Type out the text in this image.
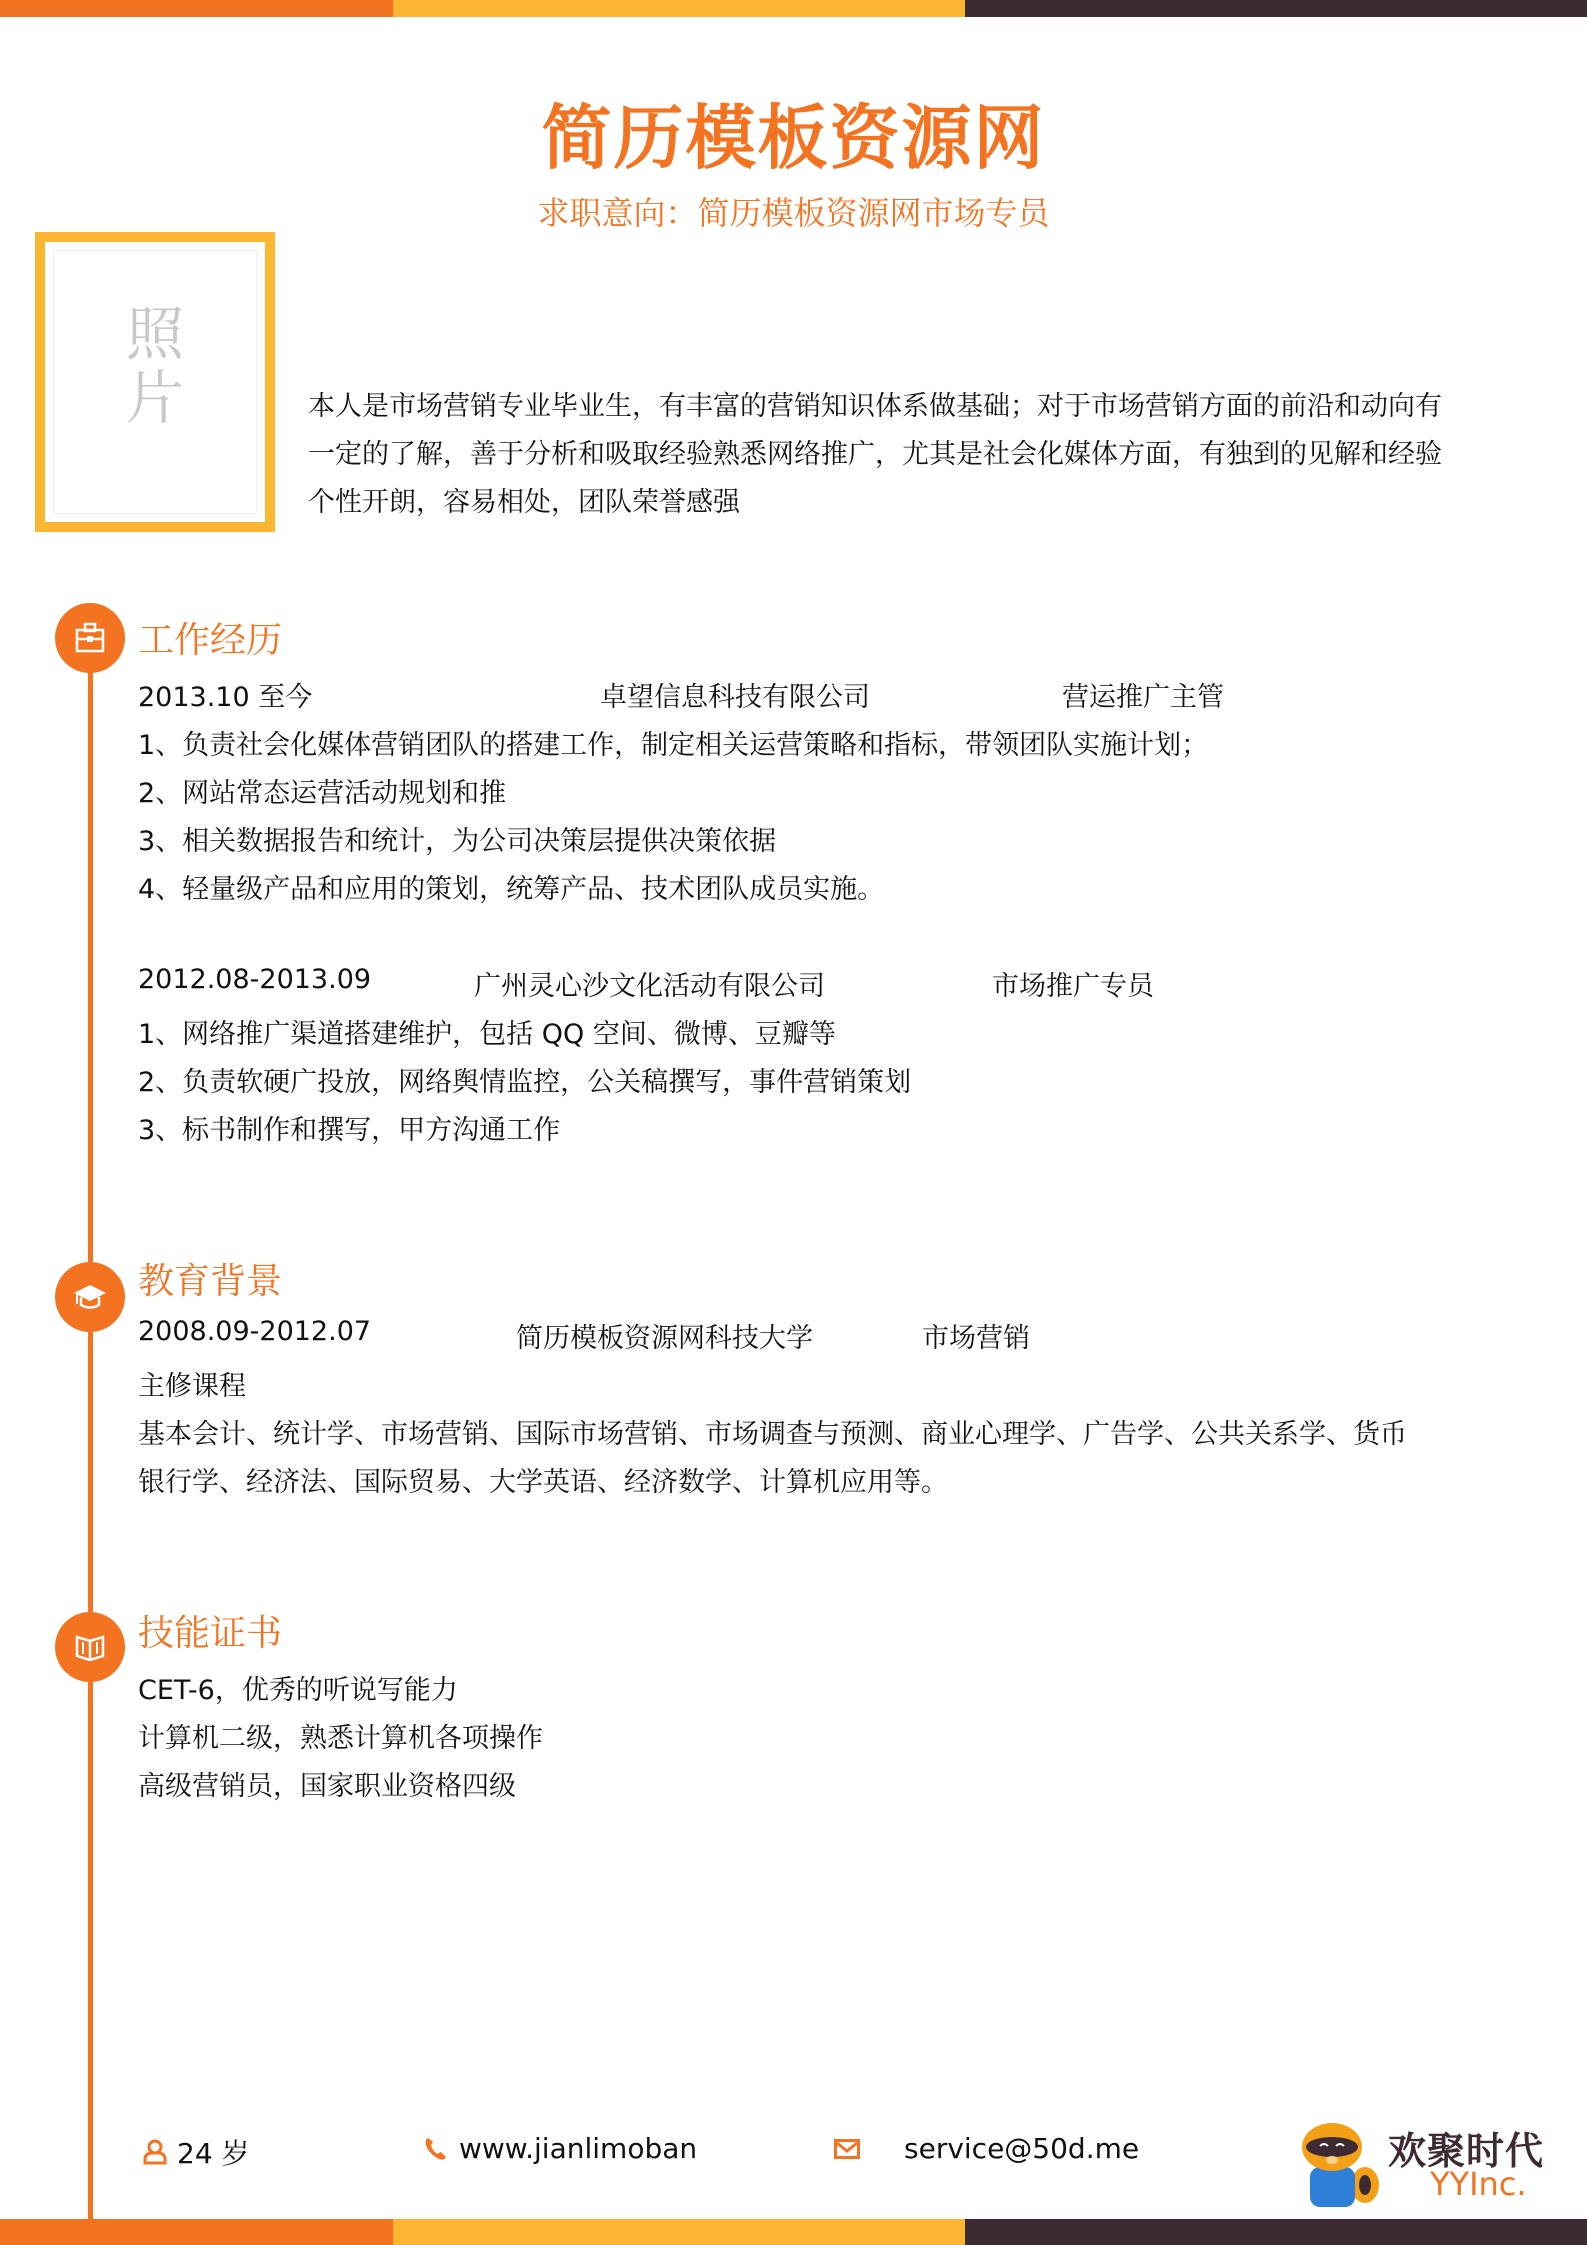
简历模板资源网
求职意向：简历模板资源网市场专员
照片	本人是市场营销专业毕业生，有丰富的营销知识体系做基础；对于市场营销方面的前沿和动向有一定的了解，善于分析和吸取经验熟悉网络推广，尤其是社会化媒体方面，有独到的见解和经验个性开朗，容易相处，团队荣誉感强
工作经历
2013.10 至今	卓望信息科技有限公司	营运推广主管
1、负责社会化媒体营销团队的搭建工作，制定相关运营策略和指标，带领团队实施计划；
2、网站常态运营活动规划和推
3、相关数据报告和统计，为公司决策层提供决策依据
4、轻量级产品和应用的策划，统筹产品、技术团队成员实施。
2012.08-2013.09	广州灵心沙文化活动有限公司	市场推广专员
1、网络推广渠道搭建维护，包括 QQ 空间、微博、豆瓣等
2、负责软硬广投放，网络舆情监控，公关稿撰写，事件营销策划
3、标书制作和撰写，甲方沟通工作
教育背景
2008.09-2012.07	简历模板资源网科技大学	市场营销
主修课程
基本会计、统计学、市场营销、国际市场营销、市场调查与预测、商业心理学、广告学、公共关系学、货币
银行学、经济法、国际贸易、大学英语、经济数学、计算机应用等。
技能证书
CET-6，优秀的听说写能力
计算机二级，熟悉计算机各项操作
高级营销员，国家职业资格四级
24 岁	www.jianlimoban	service@50d.me	欢聚时代
YYInc.
